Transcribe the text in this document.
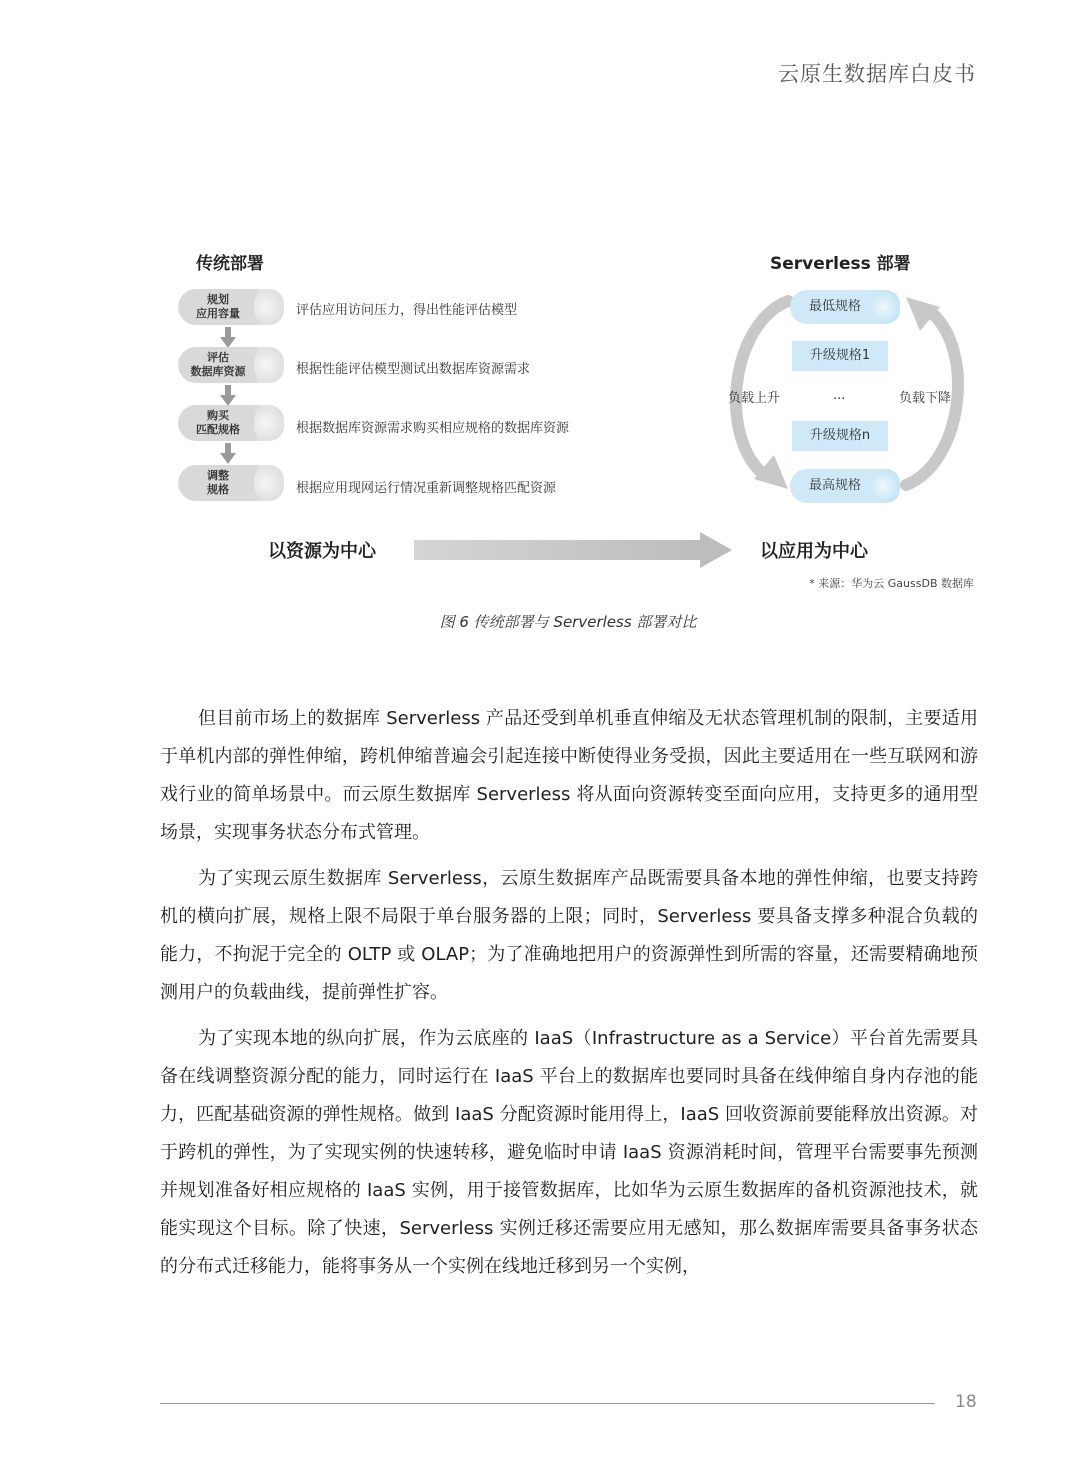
云原生数据库白皮书
传统部署	Serverless 部署
规划
应用容量	评估应用访问压力，得出性能评估模型
评估
数据库资源	根据性能评估模型测试出数据库资源需求
购买
匹配规格	根据数据库资源需求购买相应规格的数据库资源
调整
规格	根据应用现网运行情况重新调整规格匹配资源
最低规格
升级规格1
...
升级规格n
最高规格
负载上升	负载下降
以资源为中心	以应用为中心
* 来源：华为云 GaussDB 数据库
图 6 传统部署与 Serverless 部署对比

但目前市场上的数据库 Serverless 产品还受到单机垂直伸缩及无状态管理机制的限制，主要适用于单机内部的弹性伸缩，跨机伸缩普遍会引起连接中断使得业务受损，因此主要适用在一些互联网和游戏行业的简单场景中。而云原生数据库 Serverless 将从面向资源转变至面向应用，支持更多的通用型场景，实现事务状态分布式管理。

为了实现云原生数据库 Serverless，云原生数据库产品既需要具备本地的弹性伸缩，也要支持跨机的横向扩展，规格上限不局限于单台服务器的上限；同时，Serverless 要具备支撑多种混合负载的能力，不拘泥于完全的 OLTP 或 OLAP；为了准确地把用户的资源弹性到所需的容量，还需要精确地预测用户的负载曲线，提前弹性扩容。

为了实现本地的纵向扩展，作为云底座的 IaaS（Infrastructure as a Service）平台首先需要具备在线调整资源分配的能力，同时运行在 IaaS 平台上的数据库也要同时具备在线伸缩自身内存池的能力，匹配基础资源的弹性规格。做到 IaaS 分配资源时能用得上，IaaS 回收资源前要能释放出资源。对于跨机的弹性，为了实现实例的快速转移，避免临时申请 IaaS 资源消耗时间，管理平台需要事先预测并规划准备好相应规格的 IaaS 实例，用于接管数据库，比如华为云原生数据库的备机资源池技术，就能实现这个目标。除了快速，Serverless 实例迁移还需要应用无感知，那么数据库需要具备事务状态的分布式迁移能力，能将事务从一个实例在线地迁移到另一个实例，

18
